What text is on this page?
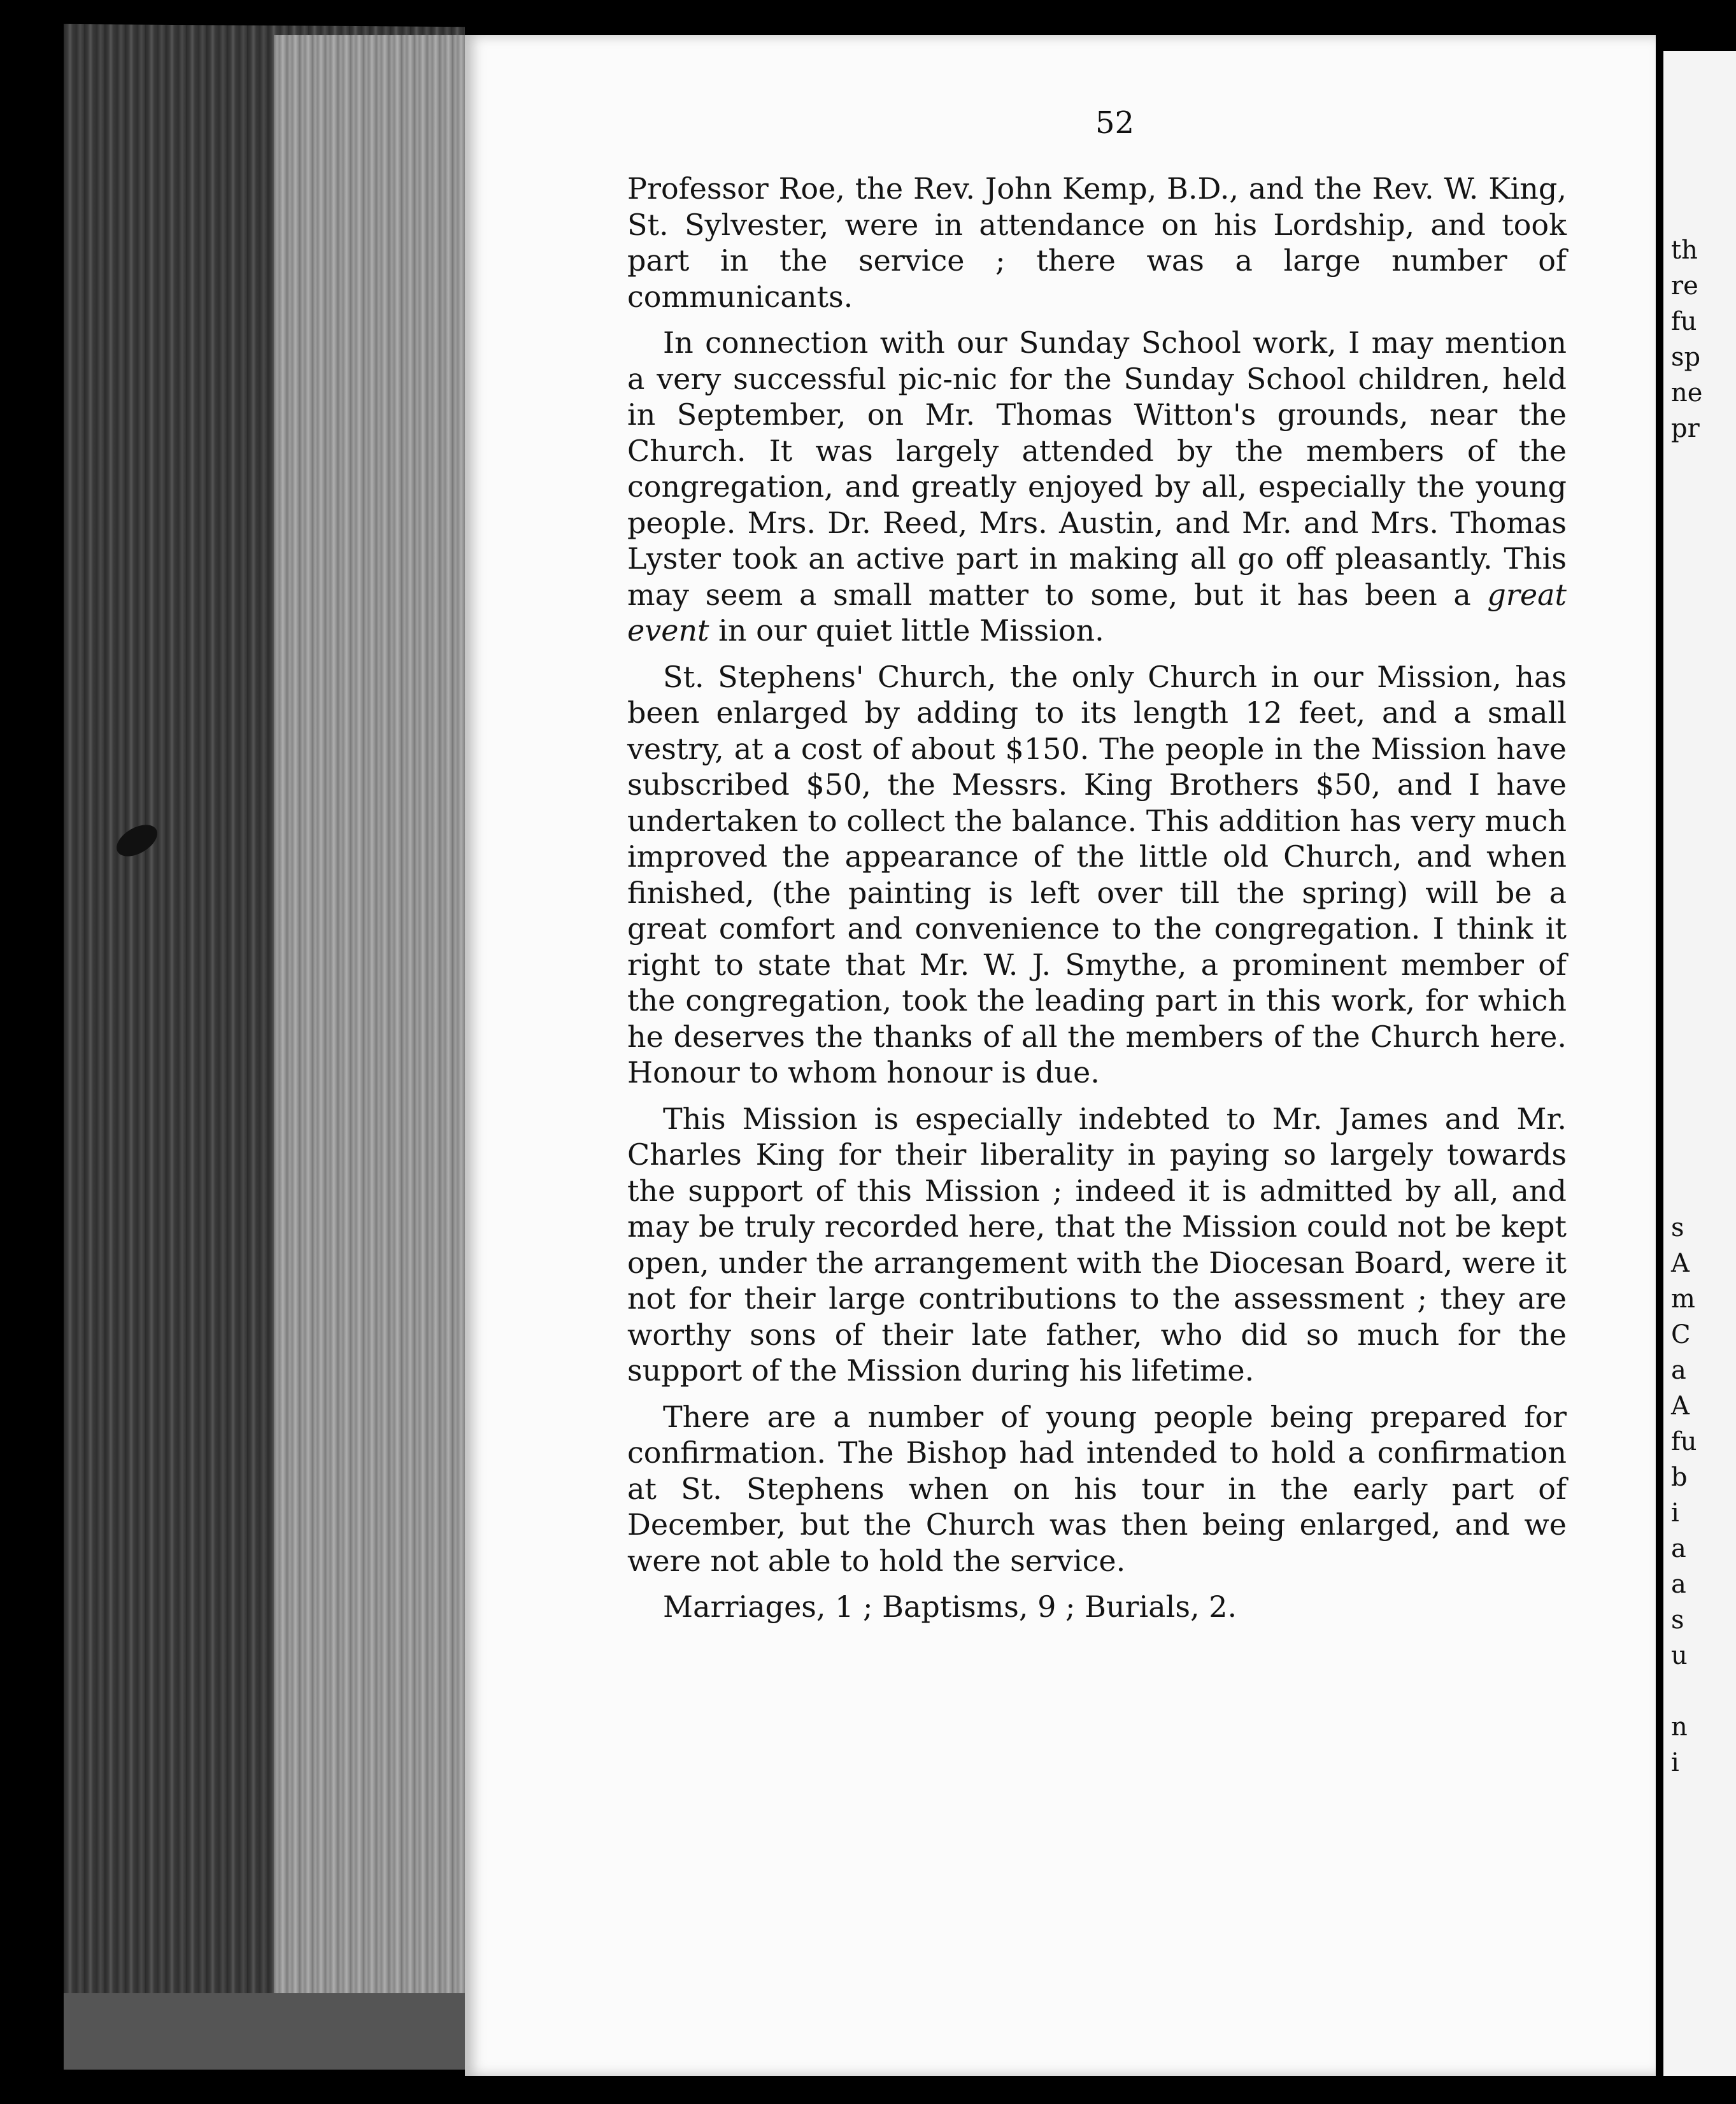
th
re
fu
sp
ne
pr
s
A
m
C
a
A
fu
b
i
a
a
s
u
n
i
52

Professor Roe, the Rev. John Kemp, B.D., and the Rev. W. King, St. Sylvester, were in attendance on his Lordship, and took part in the service ; there was a large number of communicants.

In connection with our Sunday School work, I may mention a very successful pic-nic for the Sunday School children, held in September, on Mr. Thomas Witton's grounds, near the Church. It was largely attended by the members of the congregation, and greatly enjoyed by all, especially the young people. Mrs. Dr. Reed, Mrs. Austin, and Mr. and Mrs. Thomas Lyster took an active part in making all go off pleasantly. This may seem a small matter to some, but it has been a great event in our quiet little Mission.

St. Stephens' Church, the only Church in our Mission, has been enlarged by adding to its length 12 feet, and a small vestry, at a cost of about $150. The people in the Mission have subscribed $50, the Messrs. King Brothers $50, and I have undertaken to collect the balance. This addition has very much improved the appearance of the little old Church, and when finished, (the painting is left over till the spring) will be a great comfort and convenience to the congregation. I think it right to state that Mr. W. J. Smythe, a prominent member of the congregation, took the leading part in this work, for which he deserves the thanks of all the members of the Church here. Honour to whom honour is due.

This Mission is especially indebted to Mr. James and Mr. Charles King for their liberality in paying so largely towards the support of this Mission ; indeed it is admitted by all, and may be truly recorded here, that the Mission could not be kept open, under the arrangement with the Diocesan Board, were it not for their large contributions to the assessment ; they are worthy sons of their late father, who did so much for the support of the Mission during his lifetime.

There are a number of young people being prepared for confirmation. The Bishop had intended to hold a confirmation at St. Stephens when on his tour in the early part of December, but the Church was then being enlarged, and we were not able to hold the service.

Marriages, 1 ; Baptisms, 9 ; Burials, 2.
